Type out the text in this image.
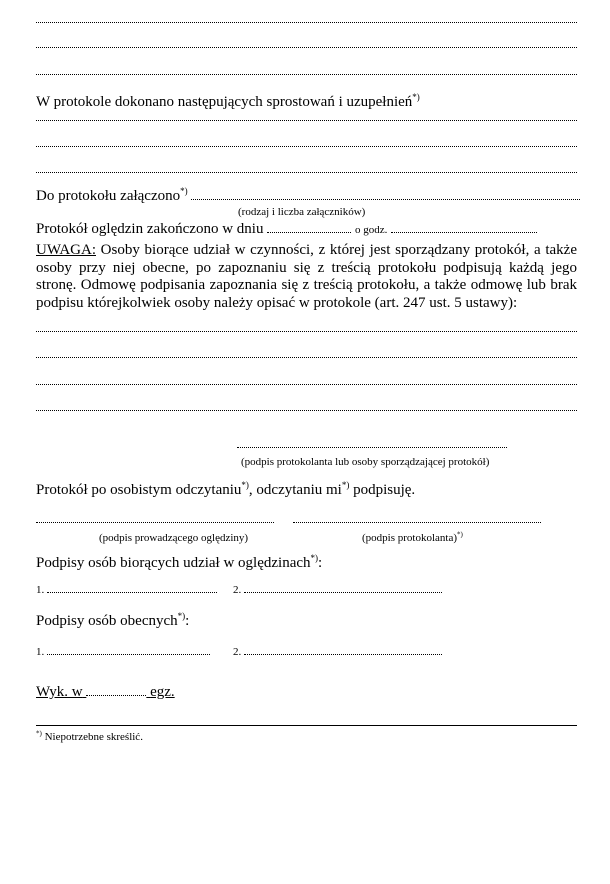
W protokole dokonano następujących sprostowań i uzupełnień*)
Do protokołu załączono*)
(rodzaj i liczba załączników)
Protokół oględzin zakończono w dniu	o godz.

UWAGA: Osoby biorące udział w czynności, z której jest sporządzany protokół, a także osoby przy niej obecne, po zapoznaniu się z treścią protokołu podpisują każdą jego stronę. Odmowę podpisania zapoznania się z treścią protokołu, a także odmowę lub brak podpisu którejkolwiek osoby należy opisać w protokole (art. 247 ust. 5 ustawy):

(podpis protokolanta lub osoby sporządzającej protokół)
Protokół po osobistym odczytaniu*), odczytaniu mi*) podpisuję.
(podpis prowadzącego oględziny)	(podpis protokolanta)*)
Podpisy osób biorących udział w oględzinach*):
1.	2.
Podpisy osób obecnych*):
1.	2.
Wyk. w	egz.
*) Niepotrzebne skreślić.
